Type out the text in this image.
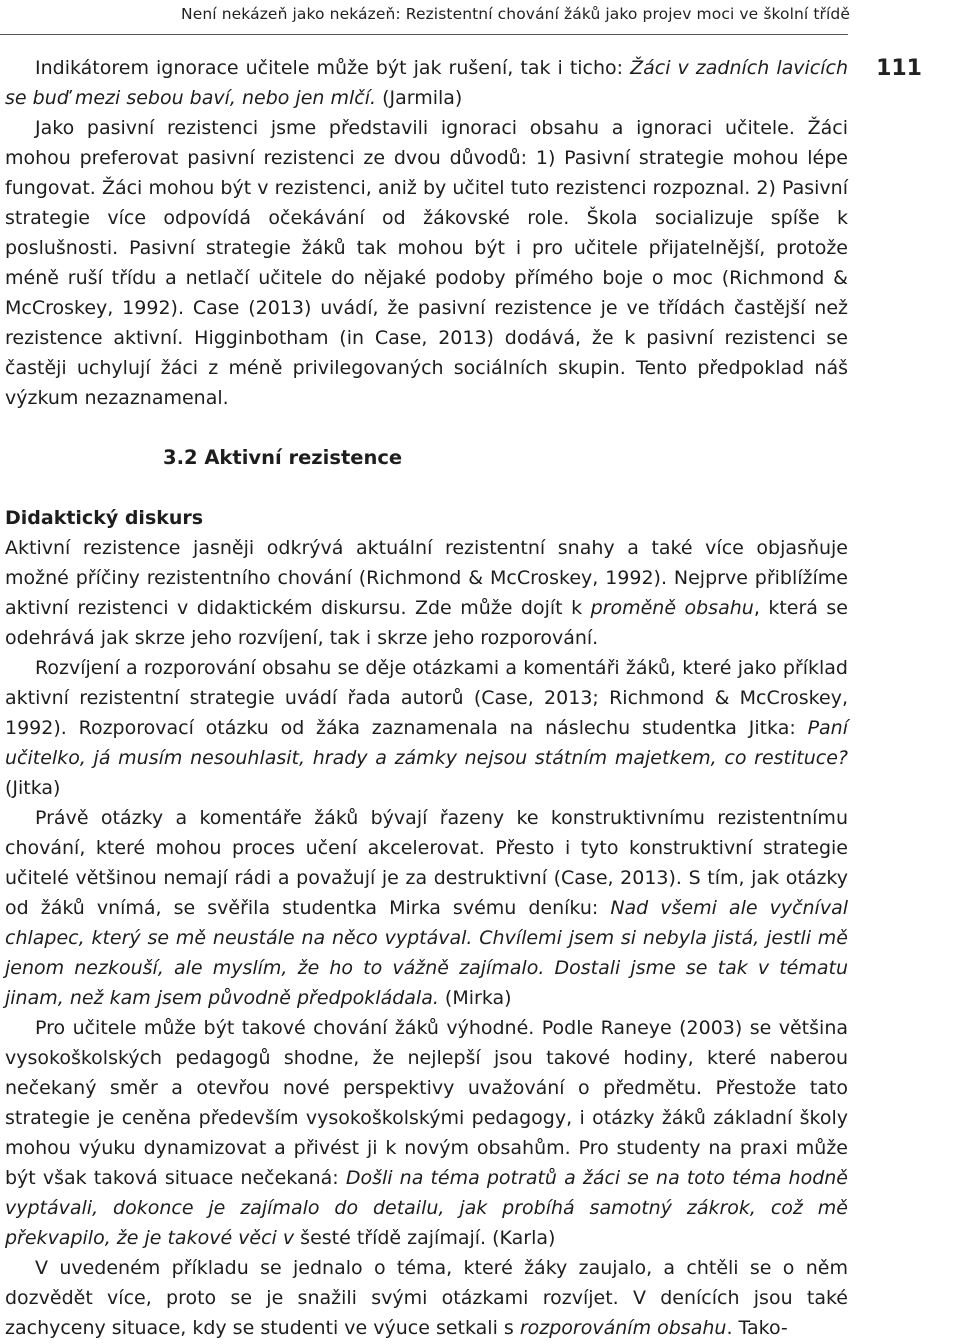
Není nekázeň jako nekázeň: Rezistentní chování žáků jako projev moci ve školní třídě
111

Indikátorem ignorace učitele může být jak rušení, tak i ticho: Žáci v zadních lavicích se buď mezi sebou baví, nebo jen mlčí. (Jarmila)

Jako pasivní rezistenci jsme představili ignoraci obsahu a ignoraci učitele. Žáci mohou preferovat pasivní rezistenci ze dvou důvodů: 1) Pasivní strategie mohou lépe fungovat. Žáci mohou být v rezistenci, aniž by učitel tuto rezistenci rozpoznal. 2) Pasivní strategie více odpovídá očekávání od žákovské role. Škola socializuje spíše k poslušnosti. Pasivní strategie žáků tak mohou být i pro učitele přijatelnější, protože méně ruší třídu a netlačí učitele do nějaké podoby přímého boje o moc (Richmond & McCroskey, 1992). Case (2013) uvádí, že pasivní rezistence je ve třídách častější než rezistence aktivní. Higginbotham (in Case, 2013) dodává, že k pasivní rezistenci se častěji uchylují žáci z méně privilegovaných sociálních skupin. Tento předpoklad náš výzkum nezaznamenal.

3.2 Aktivní rezistence

Didaktický diskurs

Aktivní rezistence jasněji odkrývá aktuální rezistentní snahy a také více objasňuje možné příčiny rezistentního chování (Richmond & McCroskey, 1992). Nejprve přiblížíme aktivní rezistenci v didaktickém diskursu. Zde může dojít k proměně obsahu, která se odehrává jak skrze jeho rozvíjení, tak i skrze jeho rozporování.

Rozvíjení a rozporování obsahu se děje otázkami a komentáři žáků, které jako příklad aktivní rezistentní strategie uvádí řada autorů (Case, 2013; Richmond & McCroskey, 1992). Rozporovací otázku od žáka zaznamenala na náslechu studentka Jitka: Paní učitelko, já musím nesouhlasit, hrady a zámky nejsou státním majetkem, co restituce? (Jitka)

Právě otázky a komentáře žáků bývají řazeny ke konstruktivnímu rezistentnímu chování, které mohou proces učení akcelerovat. Přesto i tyto konstruktivní strategie učitelé většinou nemají rádi a považují je za destruktivní (Case, 2013). S tím, jak otázky od žáků vnímá, se svěřila studentka Mirka svému deníku: Nad všemi ale vyčníval chlapec, který se mě neustále na něco vyptával. Chvílemi jsem si nebyla jistá, jestli mě jenom nezkouší, ale myslím, že ho to vážně zajímalo. Dostali jsme se tak v tématu jinam, než kam jsem původně předpokládala. (Mirka)

Pro učitele může být takové chování žáků výhodné. Podle Raneye (2003) se většina vysokoškolských pedagogů shodne, že nejlepší jsou takové hodiny, které naberou nečekaný směr a otevřou nové perspektivy uvažování o předmětu. Přestože tato strategie je ceněna především vysokoškolskými pedagogy, i otázky žáků základní školy mohou výuku dynamizovat a přivést ji k novým obsahům. Pro studenty na praxi může být však taková situace nečekaná: Došli na téma potratů a žáci se na toto téma hodně vyptávali, dokonce je zajímalo do detailu, jak probíhá samotný zákrok, což mě překvapilo, že je takové věci v šesté třídě zajímají. (Karla)

V uvedeném příkladu se jednalo o téma, které žáky zaujalo, a chtěli se o něm dozvědět více, proto se je snažili svými otázkami rozvíjet. V denících jsou také zachyceny situace, kdy se studenti ve výuce setkali s rozporováním obsahu. Tako-
